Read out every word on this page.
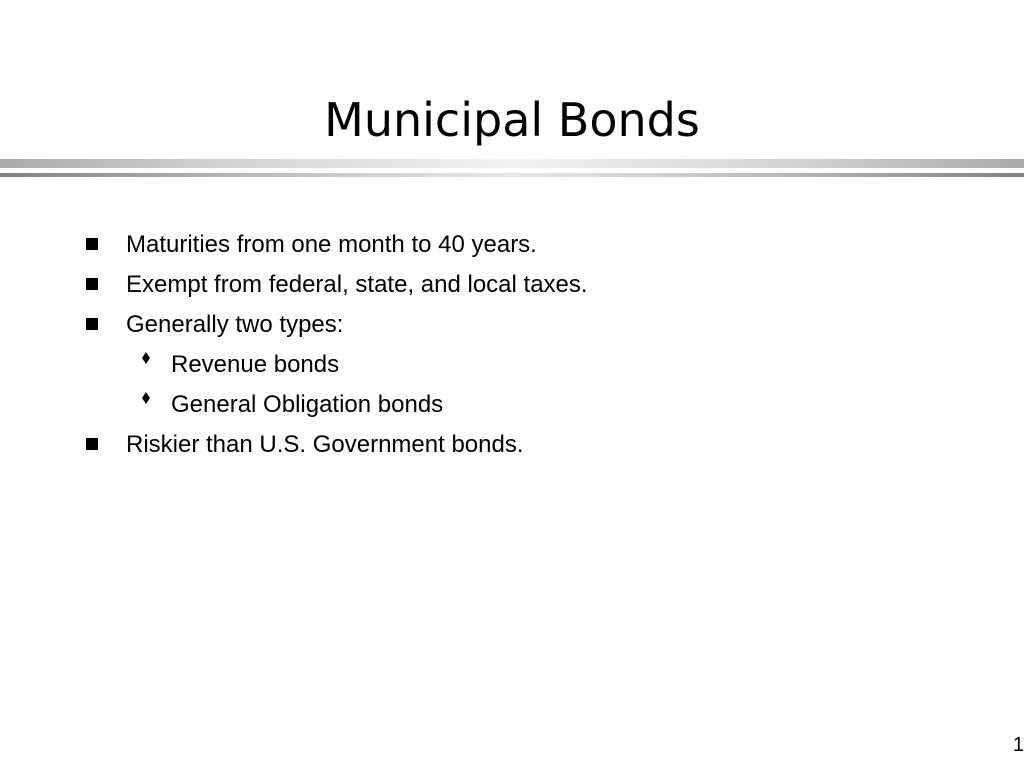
Municipal Bonds
Maturities from one month to 40 years.
Exempt from federal, state, and local taxes.
Generally two types:
Revenue bonds
General Obligation bonds
Riskier than U.S. Government bonds.
1
